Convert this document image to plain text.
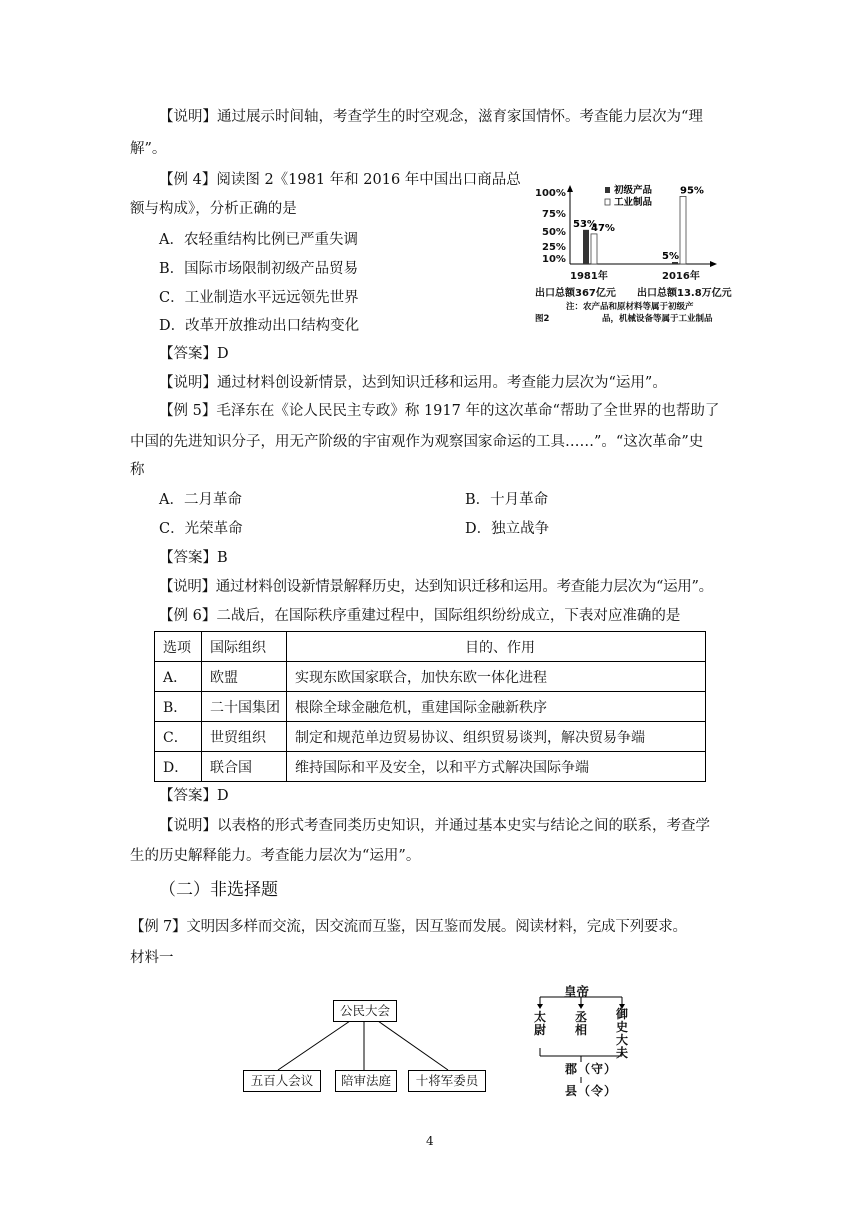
【说明】通过展示时间轴，考查学生的时空观念，滋育家国情怀。考查能力层次为“理
解”。
【例 4】阅读图 2《1981 年和 2016 年中国出口商品总
额与构成》，分析正确的是
A．农轻重结构比例已严重失调
B．国际市场限制初级产品贸易
C．工业制造水平远远领先世界
D．改革开放推动出口结构变化
【答案】D
【说明】通过材料创设新情景，达到知识迁移和运用。考查能力层次为“运用”。
100%
75%
50%
25%
10%
53%
47%
5%
95%
初级产品
工业制品
1981年	2016年
出口总额367亿元 出口总额13.8万亿元
注：农产品和原材料等属于初级产
图2	品，机械设备等属于工业制品
【例 5】毛泽东在《论人民民主专政》称 1917 年的这次革命“帮助了全世界的也帮助了
中国的先进知识分子，用无产阶级的宇宙观作为观察国家命运的工具……”。“这次革命”史
称
A．二月革命	B．十月革命
C．光荣革命	D．独立战争
【答案】B
【说明】通过材料创设新情景解释历史，达到知识迁移和运用。考查能力层次为“运用”。
【例 6】二战后，在国际秩序重建过程中，国际组织纷纷成立，下表对应准确的是
选项	国际组织	目的、作用
A．	欧盟	实现东欧国家联合，加快东欧一体化进程
B．	二十国集团	根除全球金融危机，重建国际金融新秩序
C．	世贸组织	制定和规范单边贸易协议、组织贸易谈判，解决贸易争端
D．	联合国	维持国际和平及安全，以和平方式解决国际争端
【答案】D
【说明】以表格的形式考查同类历史知识，并通过基本史实与结论之间的联系，考查学
生的历史解释能力。考查能力层次为“运用”。
（二）非选择题
【例 7】文明因多样而交流，因交流而互鉴，因互鉴而发展。阅读材料，完成下列要求。
材料一
公民大会
五百人会议	陪审法庭	十将军委员
皇帝
太尉
丞相
御史大夫
郡（守）
县（令）
4
